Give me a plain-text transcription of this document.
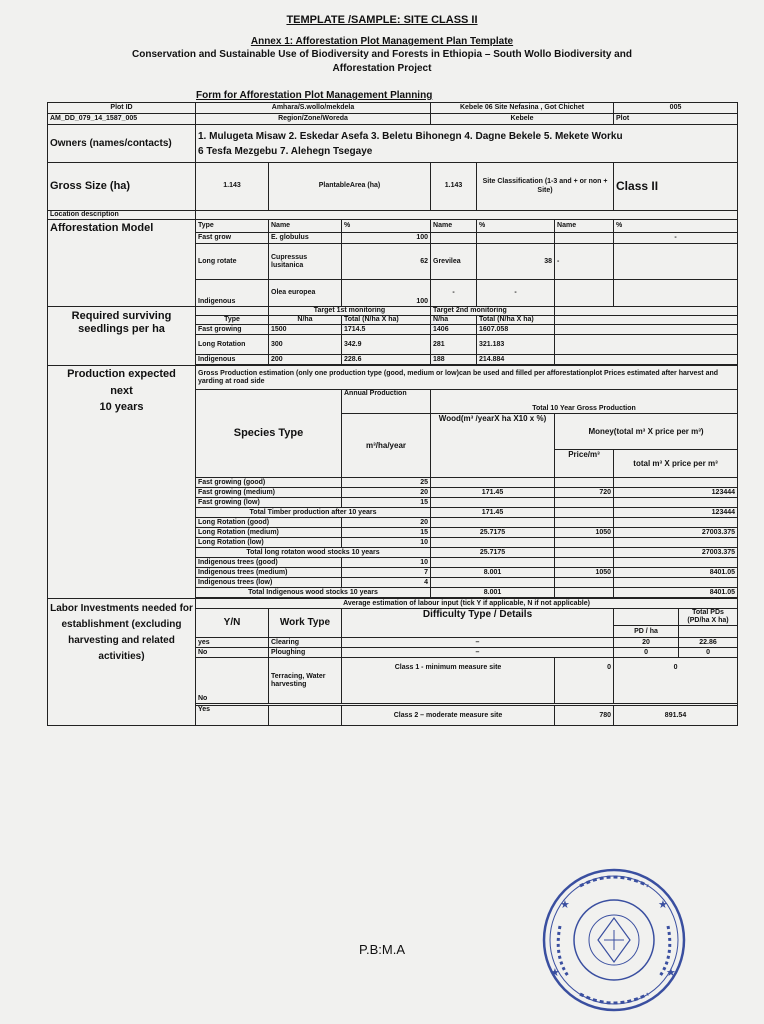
TEMPLATE /SAMPLE: SITE CLASS II
Annex 1: Afforestation Plot Management Plan Template
Conservation and Sustainable Use of Biodiversity and Forests in Ethiopia – South Wollo Biodiversity and
Afforestation Project
Form for Afforestation Plot Management Planning
Plot ID	Amhara/S.wollo/mekdela			Kebele 06 Site Nefasina , Got Chichet			005	
AM_DD_079_14_1587_005	Region/Zone/Woreda			Kebele			Plot	
Owners (names/contacts)	1. Mulugeta Misaw 2. Eskedar Asefa 3. Beletu Bihonegn 4. Dagne Bekele 5. Mekete Worku
6 Tesfa Mezgebu 7. Alehegn Tsegaye							

Gross Size (ha)	1.143	PlantableArea (ha)		1.143	Site Classification (1-3 and + or non + Site)		Class II	
Location description								
Afforestation Model	Type	Name	%	Name	%	Name	%	
	Fast grow	E. globulus	100				-	
	Long rotate	Cupressus lusitanica	62	Grevilea	38	-		
	Indigenous	Olea europea	100	-	-			
Required surviving seedlings per ha		Target 1st monitoring		Target 2nd monitoring				
	Type	N/ha	Total (N/ha X ha)	N/ha	Total (N/ha X ha)			
	Fast growing	1500	1714.5	1406	1607.058			
	Long Rotation	300	342.9	281	321.183			
	Indigenous	200	228.6	188	214.884			

Production expected
next
10 years	Gross Production estimation (only one production type (good, medium or low)can be used and filled per afforestationplot Prices estimated after harvest and yarding at road side							
	Species Type		Annual Production	Total 10 Year Gross Production				
			m³/ha/year	Wood(m³ /yearX ha X10 x %)		Money(total m³ X price per m³)		
						Price/m³	total m³ X price per m³	
	Fast growing (good)		25					
	Fast growing (medium)		20	171.45		720	123444	
	Fast growing (low)		15					
	Total Timber production after 10 years			171.45			123444	
	Long Rotation (good)		20					
	Long Rotation (medium)		15	25.7175		1050	27003.375	
	Long Rotation (low)		10					
	Total long rotaton wood stocks 10 years			25.7175			27003.375	
	Indigenous trees (good)		10					
	Indigenous trees (medium)		7	8.001		1050	8401.05	
	Indigenous trees (low)		4					
	Total Indigenous wood stocks 10 years			8.001			8401.05	

Labor Investments needed for establishment (excluding harvesting and related activities)	Average estimation of labour input (tick Y if applicable, N if not applicable)							
	Y/N	Work Type	Difficulty Type / Details					Total PDs (PD/ha X ha)
							PD / ha	
	yes	Clearing	–				20	22.86
	No	Ploughing	–				0	0
	No	Terracing, Water harvesting	Class 1 - minimum measure site			0	0	

	Yes		Class 2 – moderate measure site			780	891.54	
P.B:M.A
★	★
★	★
